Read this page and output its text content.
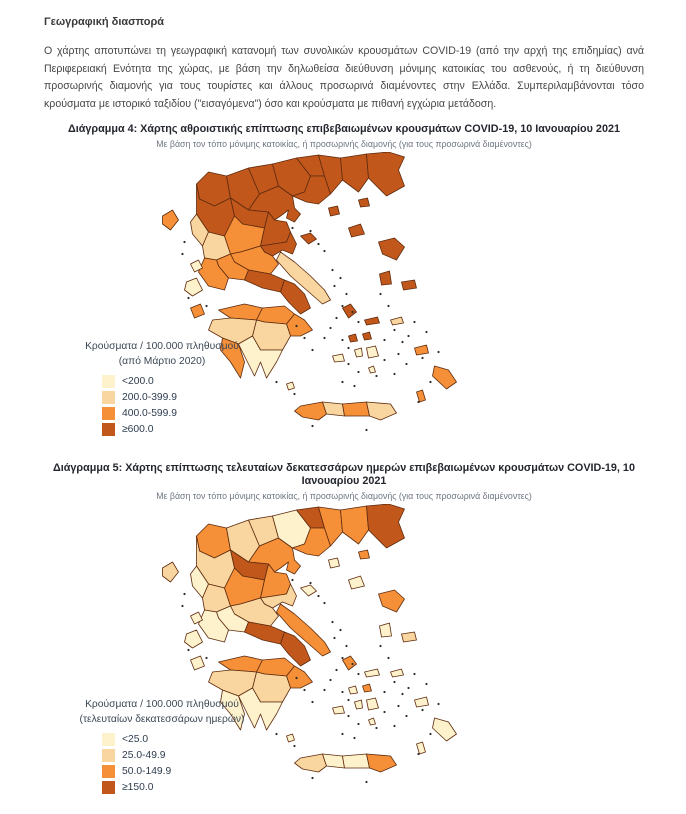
Γεωγραφική διασπορά

Ο χάρτης αποτυπώνει τη γεωγραφική κατανομή των συνολικών κρουσμάτων COVID-19 (από την αρχή της επιδημίας) ανά Περιφερειακή Ενότητα της χώρας, με βάση την δηλωθείσα διεύθυνση μόνιμης κατοικίας του ασθενούς, ή τη διεύθυνση προσωρινής διαμονής για τους τουρίστες και άλλους προσωρινά διαμένοντες στην Ελλάδα. Συμπεριλαμβάνονται τόσο κρούσματα με ιστορικό ταξιδίου ("εισαγόμενα") όσο και κρούσματα με πιθανή εγχώρια μετάδοση.

Διάγραμμα 4: Χάρτης αθροιστικής επίπτωσης επιβεβαιωμένων κρουσμάτων COVID-19, 10 Ιανουαρίου 2021
Με βάση τον τόπο μόνιμης κατοικίας, ή προσωρινής διαμονής (για τους προσωρινά διαμένοντες)
Κρούσματα / 100.000 πληθυσμού
(από Μάρτιο 2020)
<200.0
200.0-399.9
400.0-599.9
≥600.0
Διάγραμμα 5: Χάρτης επίπτωσης τελευταίων δεκατεσσάρων ημερών επιβεβαιωμένων κρουσμάτων COVID-19, 10 Ιανουαρίου 2021
Με βάση τον τόπο μόνιμης κατοικίας, ή προσωρινής διαμονής (για τους προσωρινά διαμένοντες)
Κρούσματα / 100.000 πληθυσμού
(τελευταίων δεκατεσσάρων ημερών)
<25.0
25.0-49.9
50.0-149.9
≥150.0
